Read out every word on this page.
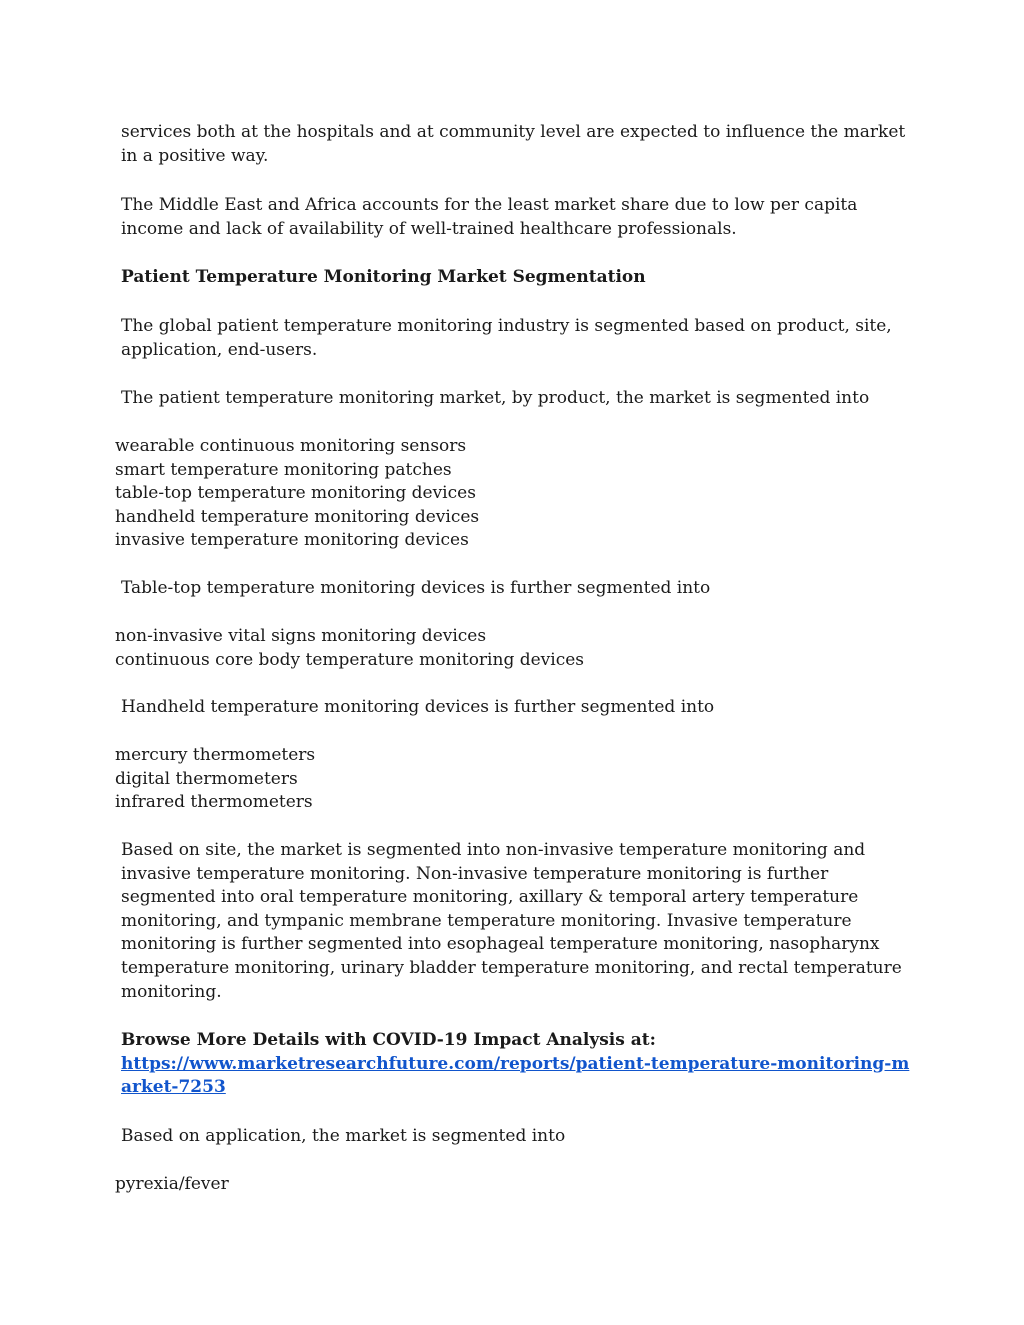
services both at the hospitals and at community level are expected to influence the market in a positive way.

The Middle East and Africa accounts for the least market share due to low per capita income and lack of availability of well-trained healthcare professionals.

Patient Temperature Monitoring Market Segmentation

The global patient temperature monitoring industry is segmented based on product, site, application, end-users.

The patient temperature monitoring market, by product, the market is segmented into

wearable continuous monitoring sensors
smart temperature monitoring patches
table-top temperature monitoring devices
handheld temperature monitoring devices
invasive temperature monitoring devices

Table-top temperature monitoring devices is further segmented into

non-invasive vital signs monitoring devices
continuous core body temperature monitoring devices

Handheld temperature monitoring devices is further segmented into

mercury thermometers
digital thermometers
infrared thermometers

Based on site, the market is segmented into non-invasive temperature monitoring and invasive temperature monitoring. Non-invasive temperature monitoring is further segmented into oral temperature monitoring, axillary & temporal artery temperature monitoring, and tympanic membrane temperature monitoring. Invasive temperature monitoring is further segmented into esophageal temperature monitoring, nasopharynx temperature monitoring, urinary bladder temperature monitoring, and rectal temperature monitoring.

Browse More Details with COVID-19 Impact Analysis at:
https://www.marketresearchfuture.com/reports/patient-temperature-monitoring-market-7253

Based on application, the market is segmented into

pyrexia/fever
